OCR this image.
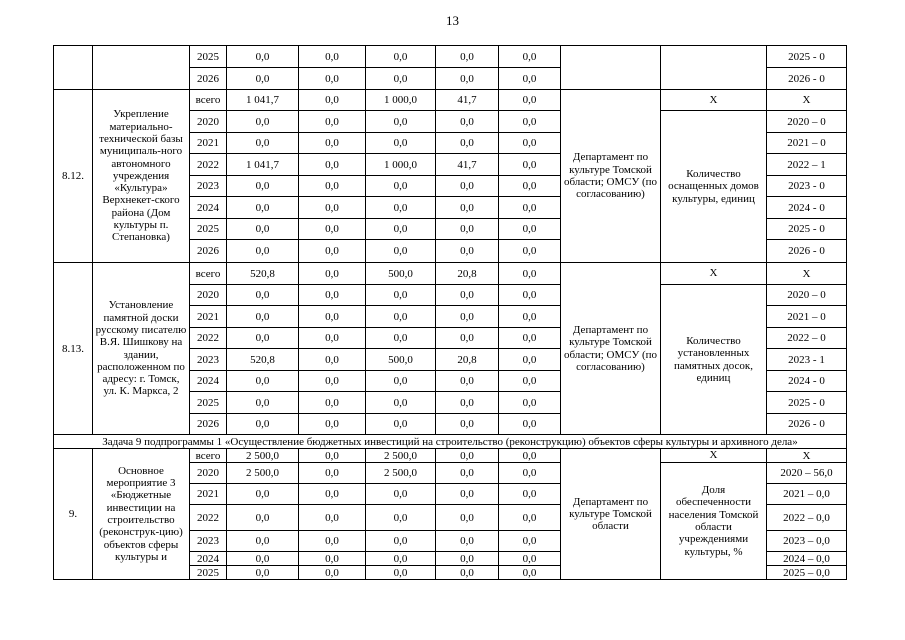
13
		2025	0,0	0,0	0,0	0,0	0,0			2025 - 0
		2026	0,0	0,0	0,0	0,0	0,0			2026 - 0
8.12.	Укрепление материально-технической базы муниципаль-ного автономного учреждения «Культура» Верхнекет-ского района (Дом культуры п. Степановка)	всего	1 041,7	0,0	1 000,0	41,7	0,0	Департамент по культуре Томской области; ОМСУ (по согласованию)	X	X
		2020	0,0	0,0	0,0	0,0	0,0		Количество оснащенных домов культуры, единиц	2020 – 0
		2021	0,0	0,0	0,0	0,0	0,0			2021 – 0
		2022	1 041,7	0,0	1 000,0	41,7	0,0			2022 – 1
		2023	0,0	0,0	0,0	0,0	0,0			2023 - 0
		2024	0,0	0,0	0,0	0,0	0,0			2024 - 0
		2025	0,0	0,0	0,0	0,0	0,0			2025 - 0
		2026	0,0	0,0	0,0	0,0	0,0			2026 - 0
8.13.	Установление памятной доски русскому писателю В.Я. Шишкову на здании, расположенном по адресу: г. Томск, ул. К. Маркса, 2	всего	520,8	0,0	500,0	20,8	0,0	Департамент по культуре Томской области; ОМСУ (по согласованию)	X	X
		2020	0,0	0,0	0,0	0,0	0,0		Количество установленных памятных досок, единиц	2020 – 0
		2021	0,0	0,0	0,0	0,0	0,0			2021 – 0
		2022	0,0	0,0	0,0	0,0	0,0			2022 – 0
		2023	520,8	0,0	500,0	20,8	0,0			2023 - 1
		2024	0,0	0,0	0,0	0,0	0,0			2024 - 0
		2025	0,0	0,0	0,0	0,0	0,0			2025 - 0
		2026	0,0	0,0	0,0	0,0	0,0			2026 - 0
Задача 9 подпрограммы 1 «Осуществление бюджетных инвестиций на строительство (реконструкцию) объектов сферы культуры и архивного дела»										
9.	Основное мероприятие 3 «Бюджетные инвестиции на строительство (реконструк-цию) объектов сферы культуры и	всего	2 500,0	0,0	2 500,0	0,0	0,0	Департамент по культуре Томской области	X	X
		2020	2 500,0	0,0	2 500,0	0,0	0,0		Доля обеспеченности населения Томской области учреждениями культуры, %	2020 – 56,0
		2021	0,0	0,0	0,0	0,0	0,0			2021 – 0,0
		2022	0,0	0,0	0,0	0,0	0,0			2022 – 0,0
		2023	0,0	0,0	0,0	0,0	0,0			2023 – 0,0
		2024	0,0	0,0	0,0	0,0	0,0			2024 – 0,0
		2025	0,0	0,0	0,0	0,0	0,0			2025 – 0,0
